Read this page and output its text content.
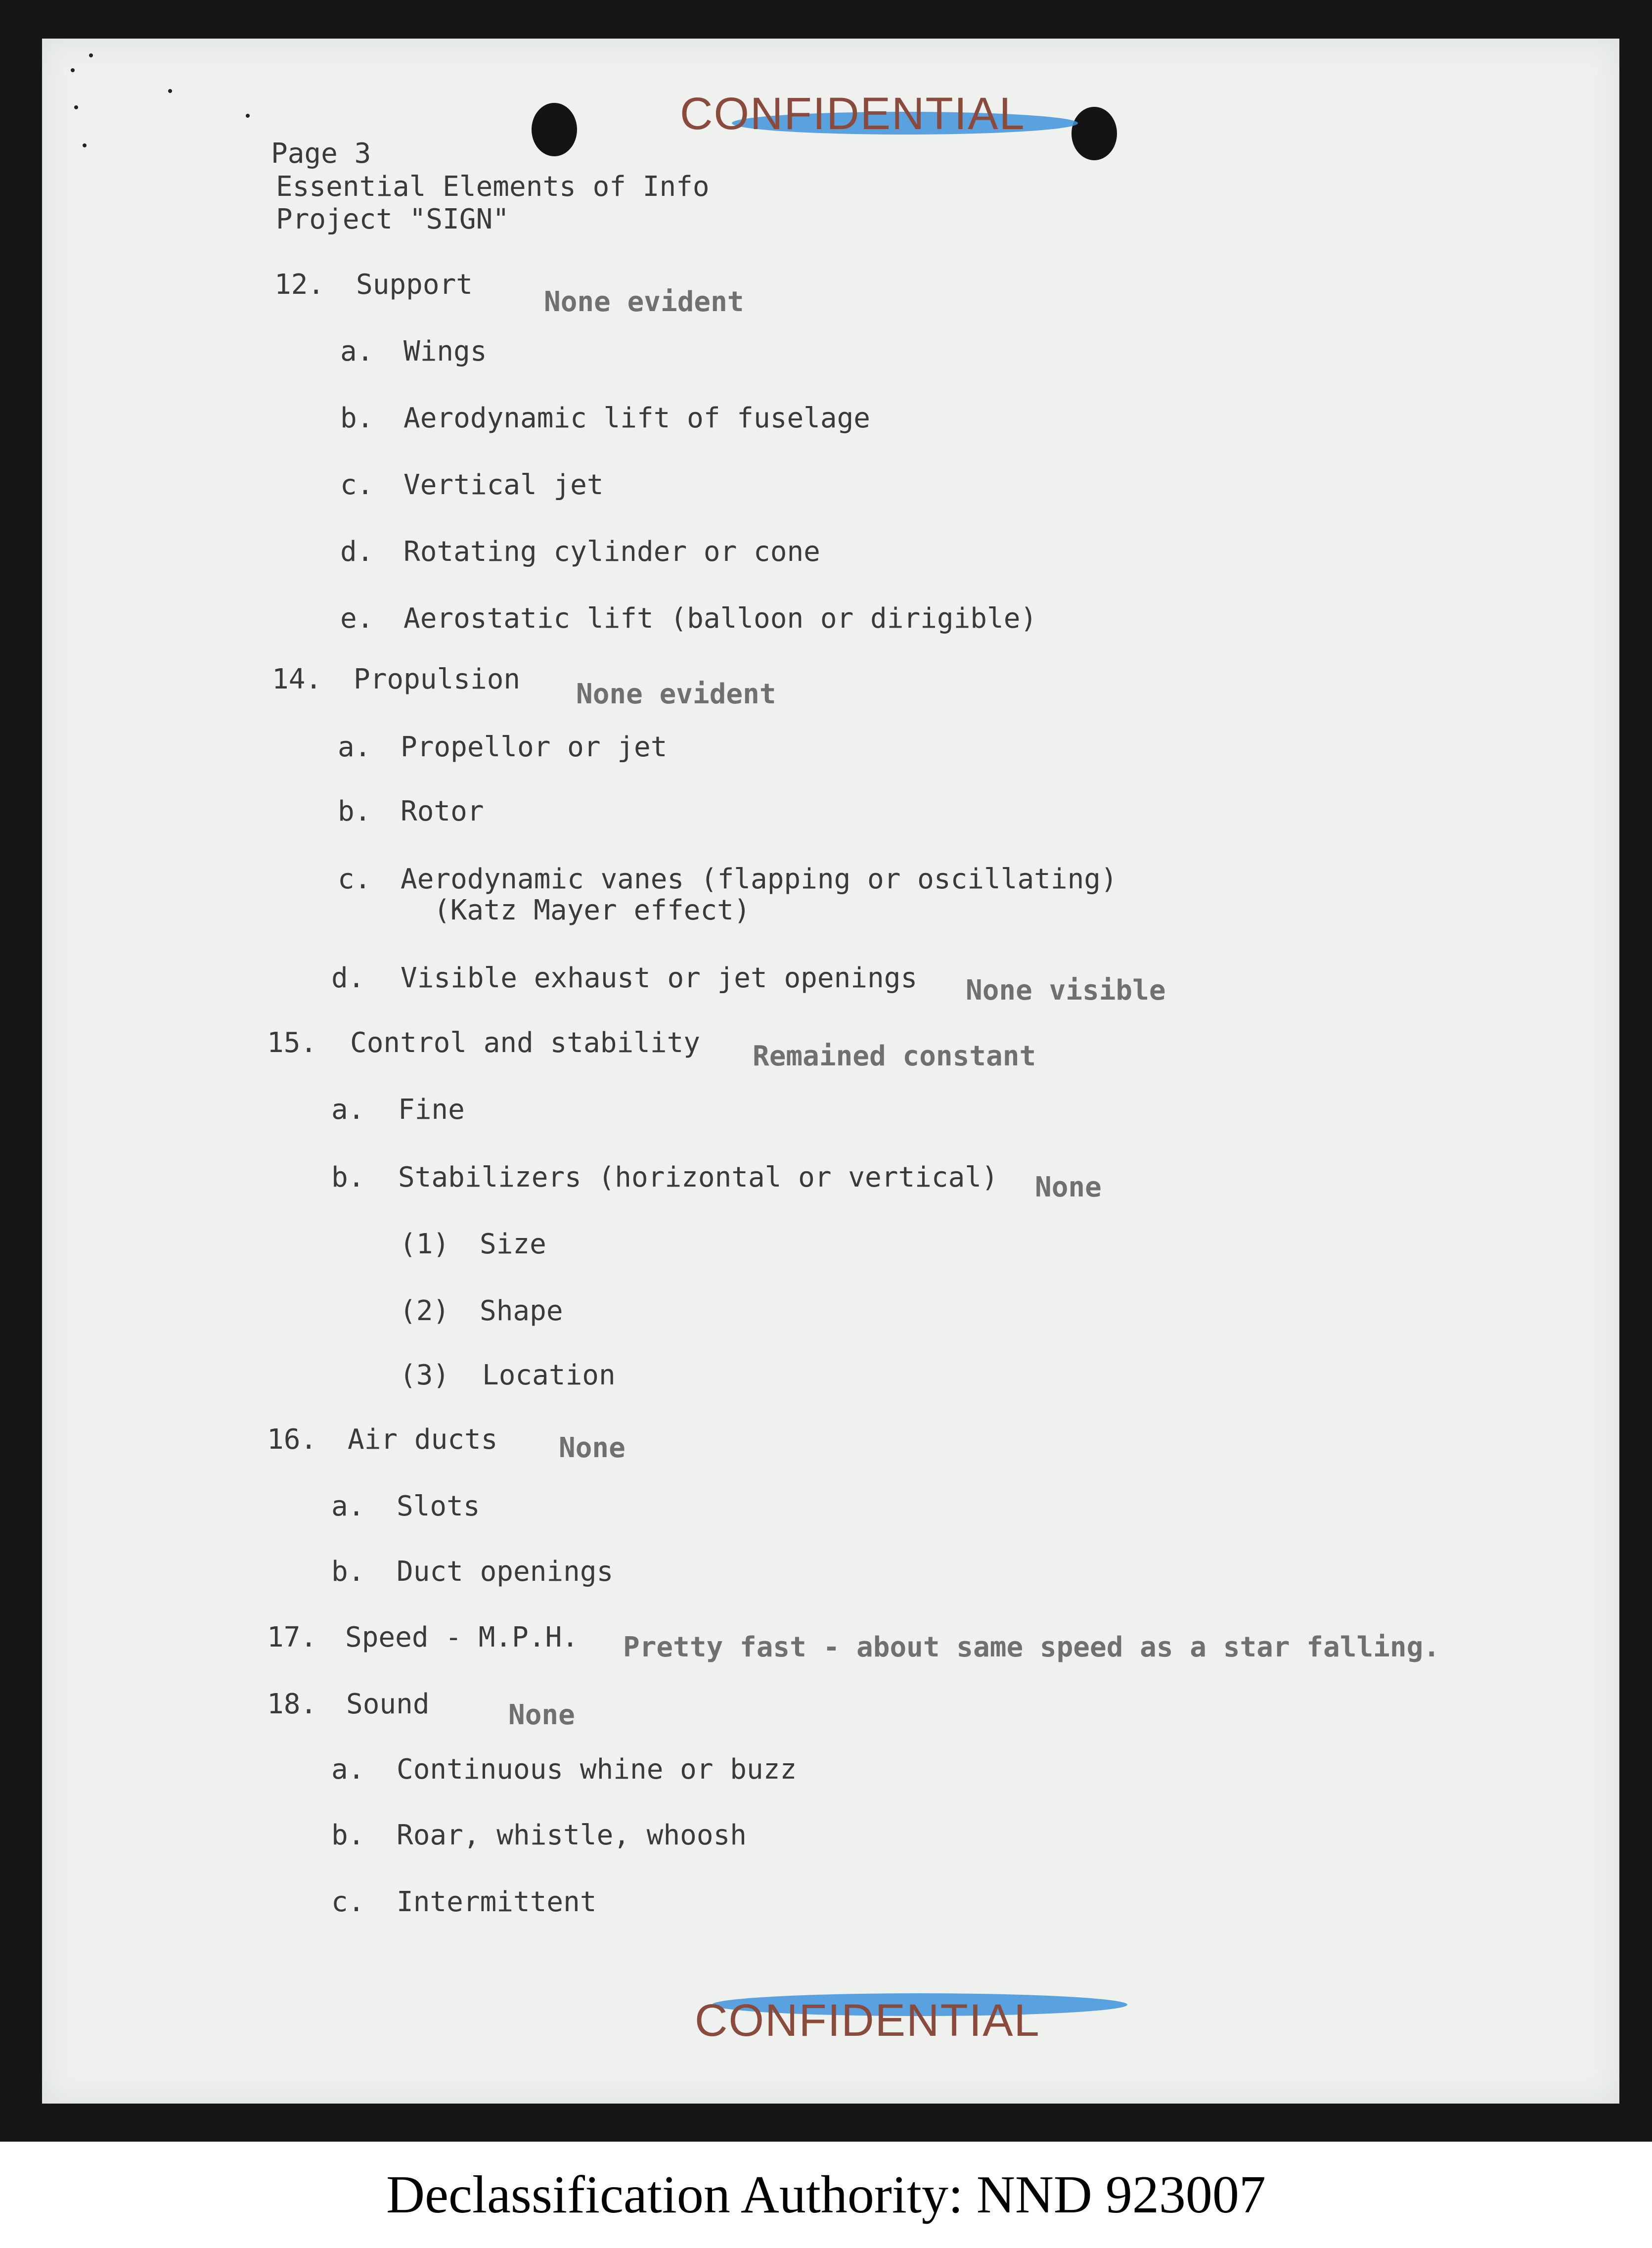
CONFIDENTIAL
Page 3
Essential Elements of Info
Project "SIGN"
12. Support
None evident
a. Wings
b. Aerodynamic lift of fuselage
c. Vertical jet
d. Rotating cylinder or cone
e. Aerostatic lift (balloon or dirigible)
14. Propulsion None evident
a. Propellor or jet
b. Rotor
c. Aerodynamic vanes (flapping or oscillating)
(Katz Mayer effect)
d. Visible exhaust or jet openings None visible
15. Control and stability Remained constant
a. Fine
b. Stabilizers (horizontal or vertical) None
(1) Size
(2) Shape
(3) Location
16. Air ducts None
a. Slots
b. Duct openings
17. Speed - M.P.H. Pretty fast - about same speed as a star falling.
18. Sound	None
a. Continuous whine or buzz
b. Roar, whistle, whoosh
c. Intermittent
CONFIDENTIAL
Declassification Authority: NND 923007
